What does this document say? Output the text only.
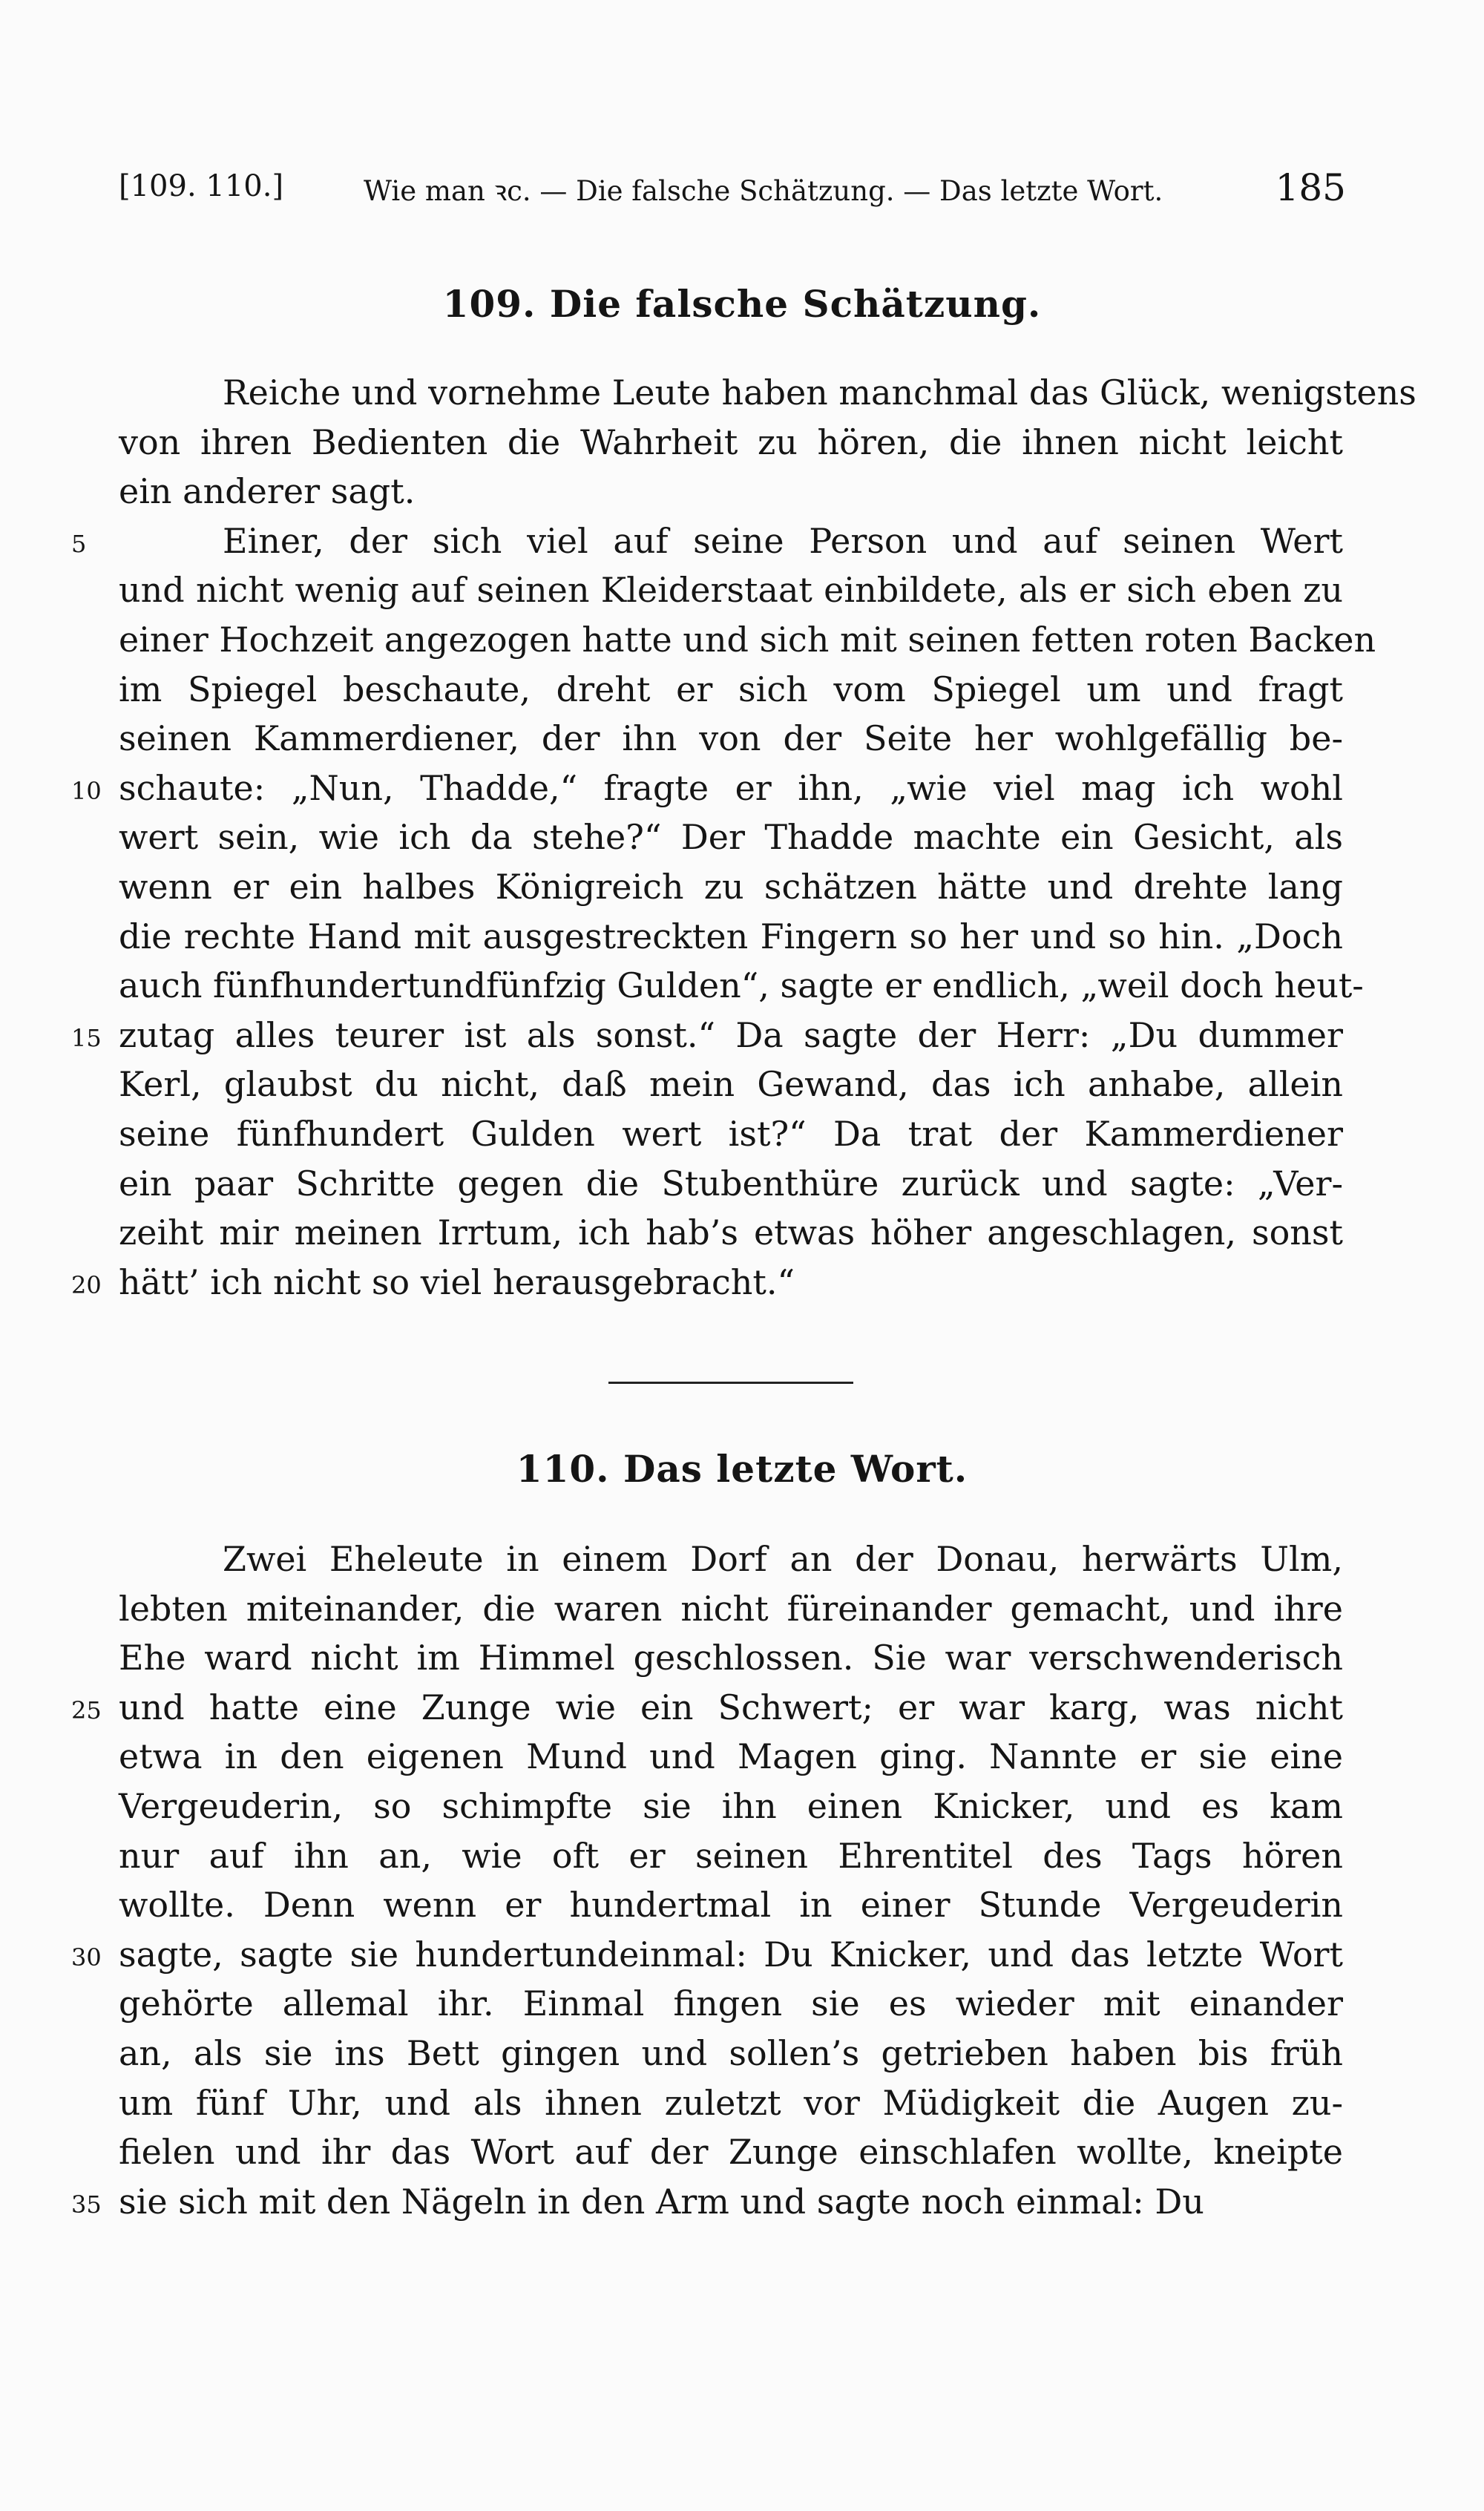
[109. 110.]	Wie man ꝛc. — Die falsche Schätzung. — Das letzte Wort.	185
109. Die falsche Schätzung.
Reiche und vornehme Leute haben manchmal das Glück, wenigstens
von ihren Bedienten die Wahrheit zu hören, die ihnen nicht leicht
ein anderer sagt.
Einer, der sich viel auf seine Person und auf seinen Wert
5
und nicht wenig auf seinen Kleiderstaat einbildete, als er sich eben zu
einer Hochzeit angezogen hatte und sich mit seinen fetten roten Backen
im Spiegel beschaute, dreht er sich vom Spiegel um und fragt
seinen Kammerdiener, der ihn von der Seite her wohlgefällig be-
schaute: „Nun, Thadde,“ fragte er ihn, „wie viel mag ich wohl
10
wert sein, wie ich da stehe?“ Der Thadde machte ein Gesicht, als
wenn er ein halbes Königreich zu schätzen hätte und drehte lang
die rechte Hand mit ausgestreckten Fingern so her und so hin. „Doch
auch fünfhundertundfünfzig Gulden“, sagte er endlich, „weil doch heut-
zutag alles teurer ist als sonst.“ Da sagte der Herr: „Du dummer
15
Kerl, glaubst du nicht, daß mein Gewand, das ich anhabe, allein
seine fünfhundert Gulden wert ist?“ Da trat der Kammerdiener
ein paar Schritte gegen die Stubenthüre zurück und sagte: „Ver-
zeiht mir meinen Irrtum, ich hab’s etwas höher angeschlagen, sonst
hätt’ ich nicht so viel herausgebracht.“
20
110. Das letzte Wort.
Zwei Eheleute in einem Dorf an der Donau, herwärts Ulm,
lebten miteinander, die waren nicht füreinander gemacht, und ihre
Ehe ward nicht im Himmel geschlossen. Sie war verschwenderisch
und hatte eine Zunge wie ein Schwert; er war karg, was nicht
25
etwa in den eigenen Mund und Magen ging. Nannte er sie eine
Vergeuderin, so schimpfte sie ihn einen Knicker, und es kam
nur auf ihn an, wie oft er seinen Ehrentitel des Tags hören
wollte. Denn wenn er hundertmal in einer Stunde Vergeuderin
sagte, sagte sie hundertundeinmal: Du Knicker, und das letzte Wort
30
gehörte allemal ihr. Einmal fingen sie es wieder mit einander
an, als sie ins Bett gingen und sollen’s getrieben haben bis früh
um fünf Uhr, und als ihnen zuletzt vor Müdigkeit die Augen zu-
fielen und ihr das Wort auf der Zunge einschlafen wollte, kneipte
sie sich mit den Nägeln in den Arm und sagte noch einmal: Du
35
